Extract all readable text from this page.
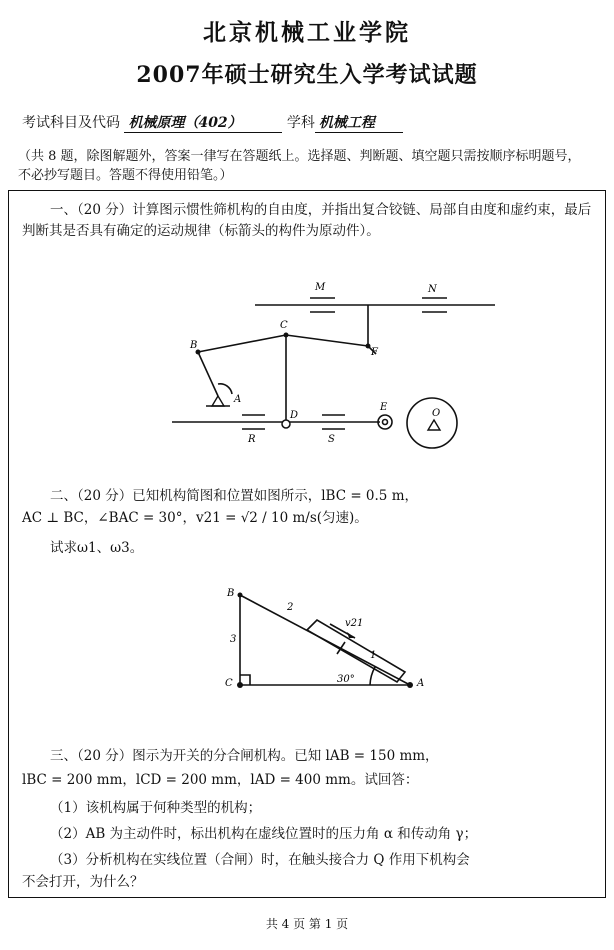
北京机械工业学院
2007年硕士研究生入学考试试题
考试科目及代码 机械原理（402）	学科 机械工程
（共 8 题，除图解题外，答案一律写在答题纸上。选择题、判断题、填空题只需按顺序标明题号，不必抄写题目。答题不得使用铅笔。）
一、（20 分）计算图示惯性筛机构的自由度，并指出复合铰链、局部自由度和虚约束，最后判断其是否具有确定的运动规律（标箭头的构件为原动件）。
M	N
C
B
F
A
D
E
O
R	S
二、（20 分）已知机构简图和位置如图所示，lBC = 0.5 m，
AC ⊥ BC，∠BAC = 30°，v21 = √2 / 10 m/s(匀速)。
试求ω1、ω3。
B
C	A
2
3
1
v21
30°
三、（20 分）图示为开关的分合闸机构。已知 lAB = 150 mm，
lBC = 200 mm，lCD = 200 mm，lAD = 400 mm。试回答：
（1）该机构属于何种类型的机构；
（2）AB 为主动件时，标出机构在虚线位置时的压力角 α 和传动角 γ；
（3）分析机构在实线位置（合闸）时，在触头接合力 Q 作用下机构会
不会打开，为什么？
共 4 页 第 1 页
